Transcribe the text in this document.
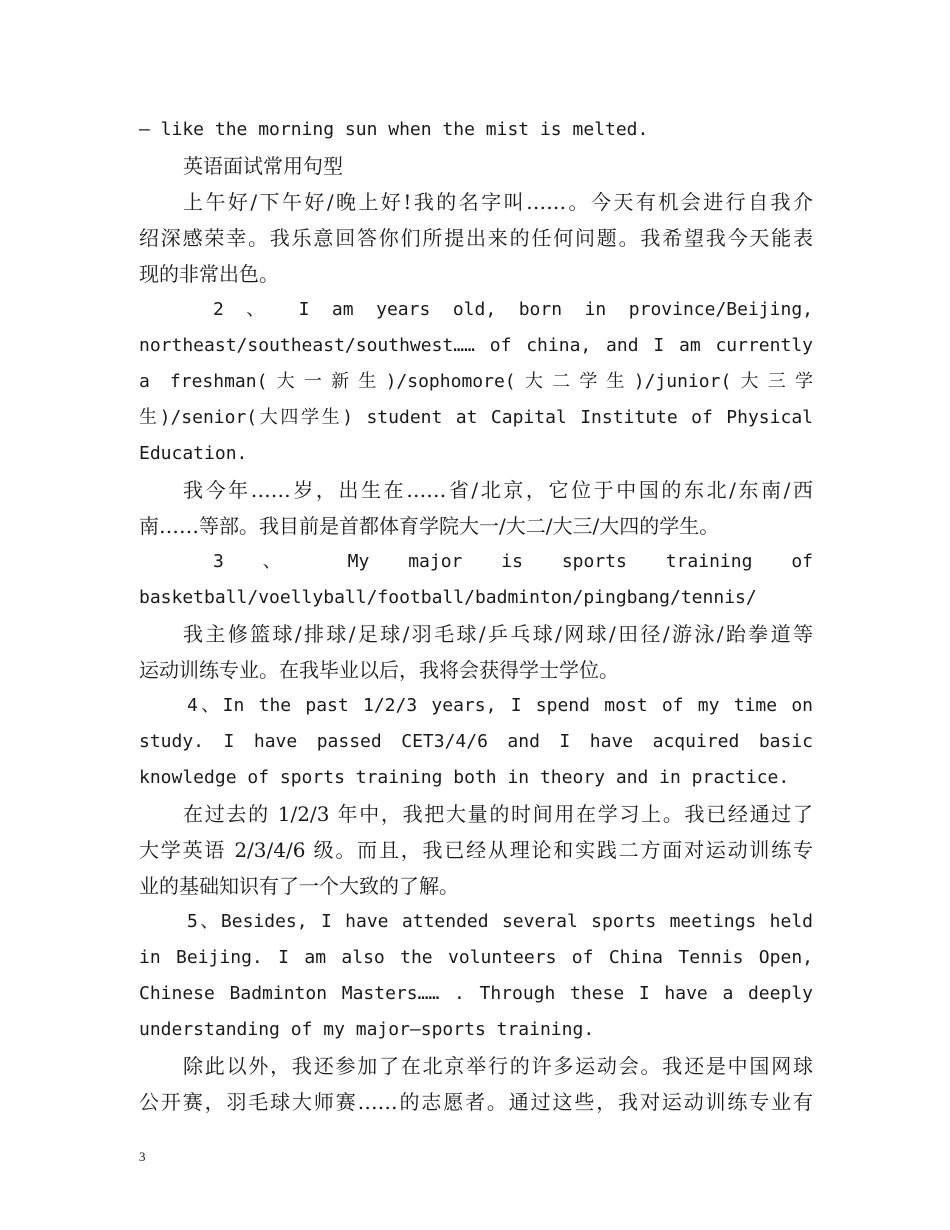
— like the morning sun when the mist is melted.
英语面试常用句型
上午好/下午好/晚上好!我的名字叫……。今天有机会进行自我介
绍深感荣幸。我乐意回答你们所提出来的任何问题。我希望我今天能表
现的非常出色。
2 、 I am years old, born in province/Beijing,
northeast/southeast/southwest…… of china, and I am currently
a freshman(大一新生)/sophomore(大二学生)/junior(大三学
生)/senior(大四学生) student at Capital Institute of Physical
Education.
我今年……岁，出生在……省/北京，它位于中国的东北/东南/西
南……等部。我目前是首都体育学院大一/大二/大三/大四的学生。
3 、 My major is sports training of
basketball/voellyball/football/badminton/pingbang/tennis/
我主修篮球/排球/足球/羽毛球/乒乓球/网球/田径/游泳/跆拳道等
运动训练专业。在我毕业以后，我将会获得学士学位。
4、In the past 1/2/3 years, I spend most of my time on
study. I have passed CET3/4/6 and I have acquired basic
knowledge of sports training both in theory and in practice.
在过去的 1/2/3 年中，我把大量的时间用在学习上。我已经通过了
大学英语 2/3/4/6 级。而且，我已经从理论和实践二方面对运动训练专
业的基础知识有了一个大致的了解。
5、Besides, I have attended several sports meetings held
in Beijing. I am also the volunteers of China Tennis Open,
Chinese Badminton Masters…… . Through these I have a deeply
understanding of my major—sports training.
除此以外，我还参加了在北京举行的许多运动会。我还是中国网球
公开赛，羽毛球大师赛……的志愿者。通过这些，我对运动训练专业有
3
